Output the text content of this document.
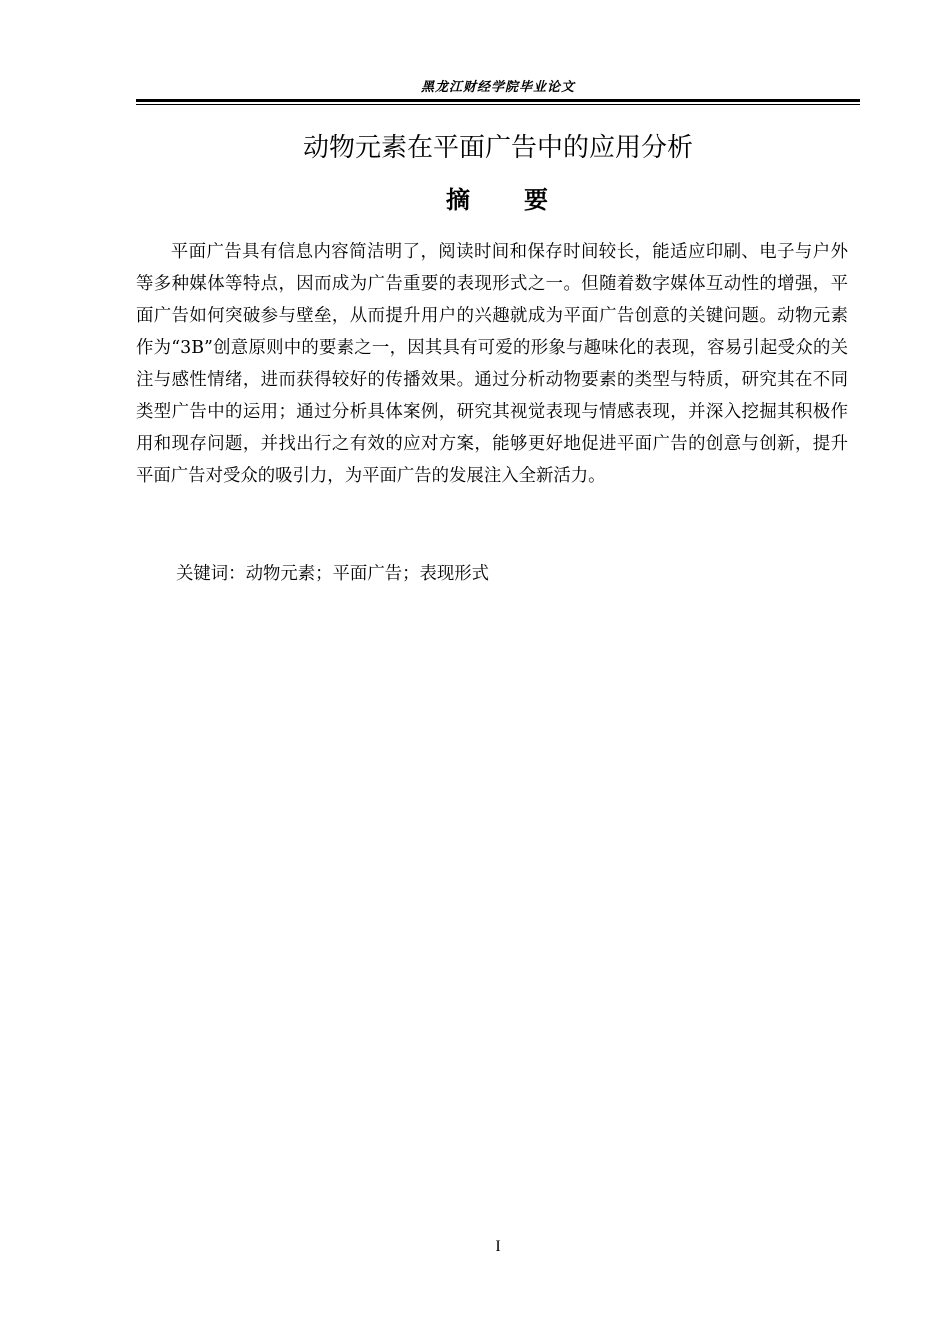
黑龙江财经学院毕业论文
动物元素在平面广告中的应用分析
摘　　要

平面广告具有信息内容简洁明了，阅读时间和保存时间较长，能适应印刷、电子与户外等多种媒体等特点，因而成为广告重要的表现形式之一。但随着数字媒体互动性的增强，平面广告如何突破参与壁垒，从而提升用户的兴趣就成为平面广告创意的关键问题。动物元素作为“3B”创意原则中的要素之一，因其具有可爱的形象与趣味化的表现，容易引起受众的关注与感性情绪，进而获得较好的传播效果。通过分析动物要素的类型与特质，研究其在不同类型广告中的运用；通过分析具体案例，研究其视觉表现与情感表现，并深入挖掘其积极作用和现存问题，并找出行之有效的应对方案，能够更好地促进平面广告的创意与创新，提升平面广告对受众的吸引力，为平面广告的发展注入全新活力。

关键词：动物元素；平面广告；表现形式
I
